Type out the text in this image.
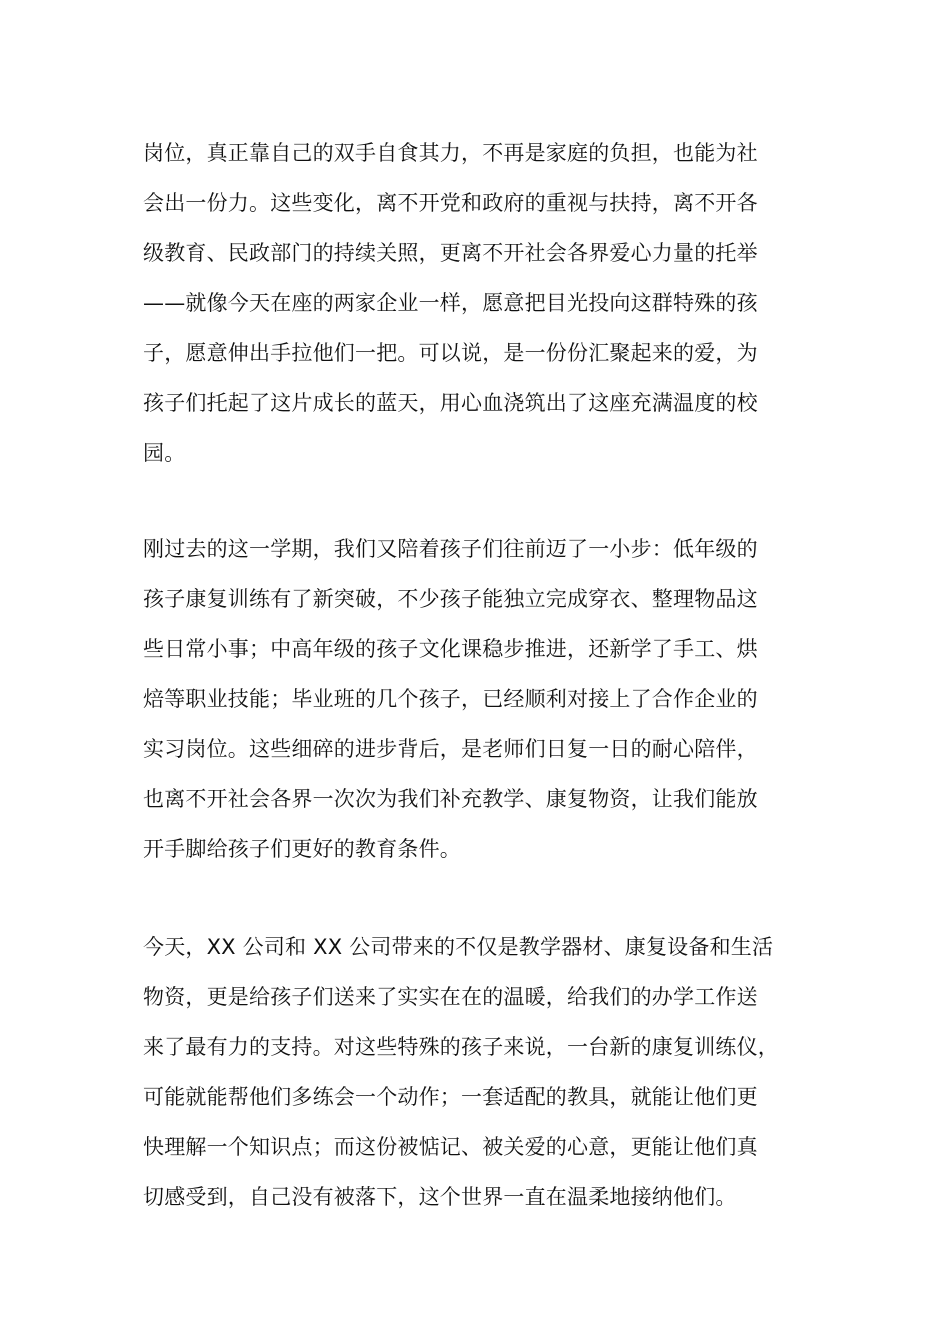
岗位，真正靠自己的双手自食其力，不再是家庭的负担，也能为社
会出一份力。这些变化，离不开党和政府的重视与扶持，离不开各
级教育、民政部门的持续关照，更离不开社会各界爱心力量的托举
——就像今天在座的两家企业一样，愿意把目光投向这群特殊的孩
子，愿意伸出手拉他们一把。可以说，是一份份汇聚起来的爱，为
孩子们托起了这片成长的蓝天，用心血浇筑出了这座充满温度的校
园。
刚过去的这一学期，我们又陪着孩子们往前迈了一小步：低年级的
孩子康复训练有了新突破，不少孩子能独立完成穿衣、整理物品这
些日常小事；中高年级的孩子文化课稳步推进，还新学了手工、烘
焙等职业技能；毕业班的几个孩子，已经顺利对接上了合作企业的
实习岗位。这些细碎的进步背后，是老师们日复一日的耐心陪伴，
也离不开社会各界一次次为我们补充教学、康复物资，让我们能放
开手脚给孩子们更好的教育条件。
今天，XX 公司和 XX 公司带来的不仅是教学器材、康复设备和生活
物资，更是给孩子们送来了实实在在的温暖，给我们的办学工作送
来了最有力的支持。对这些特殊的孩子来说，一台新的康复训练仪，
可能就能帮他们多练会一个动作；一套适配的教具，就能让他们更
快理解一个知识点；而这份被惦记、被关爱的心意，更能让他们真
切感受到，自己没有被落下，这个世界一直在温柔地接纳他们。
